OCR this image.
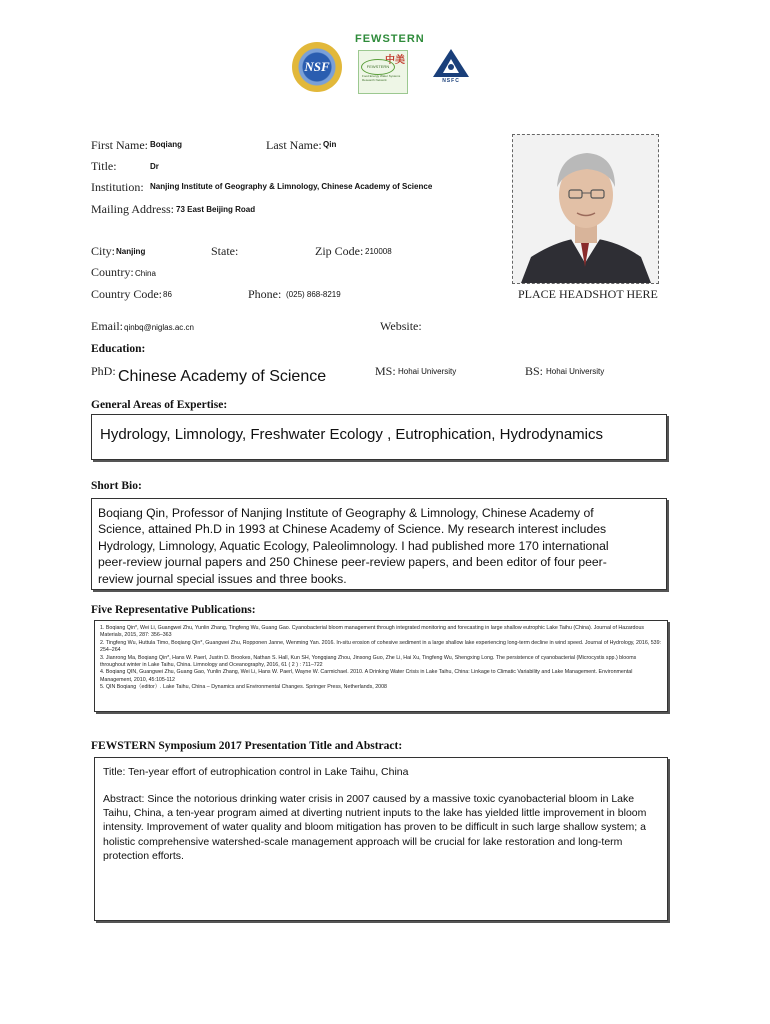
NSF
FEWSTERN
中美
FEWSTERN
Food Energy Water Systems Research Network	NSFC
First Name: Boqiang	Last Name: Qin
Title:	Dr
Institution: Nanjing Institute of Geography & Limnology, Chinese Academy of Science
Mailing Address: 73 East Beijing Road
City: Nanjing	State:	Zip Code: 210008
Country: China
Country Code: 86	Phone: (025) 868-8219
Email: qinbq@niglas.ac.cn	Website:
PLACE HEADSHOT HERE
Education:
PhD: Chinese Academy of Science	MS: Hohai University	BS: Hohai University
General Areas of Expertise:
Hydrology, Limnology, Freshwater Ecology , Eutrophication, Hydrodynamics
Short Bio:
Boqiang Qin, Professor of Nanjing Institute of Geography & Limnology, Chinese Academy of Science, attained Ph.D in 1993 at Chinese Academy of Science. My research interest includes Hydrology, Limnology, Aquatic Ecology, Paleolimnology. I had published more 170 international peer-review journal papers and 250 Chinese peer-review papers, and been editor of four peer-review journal special issues and three books.
Five Representative Publications:
1. Boqiang Qin*, Wei Li, Guangwei Zhu, Yunlin Zhang, Tingfeng Wu, Guang Gao. Cyanobacterial bloom management through integrated monitoring and forecasting in large shallow eutrophic Lake Taihu (China). Journal of Hazardous Materials, 2015, 287: 356–363
2. Tingfeng Wu, Huttula Timo, Boqiang Qin*, Guangwei Zhu, Ropponen Janne, Wenming Yan. 2016. In-situ erosion of cohesive sediment in a large shallow lake experiencing long-term decline in wind speed. Journal of Hydrology, 2016, 539: 254–264
3. Jianrong Ma, Boqiang Qin*, Hans W. Paerl, Justin D. Brookes, Nathan S. Hall, Kun SH, Yongqiang Zhou, Jinsong Guo, Zhe Li, Hai Xu, Tingfeng Wu, Shengxing Long. The persistence of cyanobacterial (Microcystis spp.) blooms throughout winter in Lake Taihu, China. Limnology and Oceanography, 2016, 61 ( 2 ) : 711–722
4. Boqiang QIN, Guangwei Zhu, Guang Gao, Yunlin Zhang, Wei Li, Hans W. Paerl, Wayne W. Carmichael. 2010. A Drinking Water Crisis in Lake Taihu, China: Linkage to Climatic Variability and Lake Management. Environmental Management, 2010, 45:105-112
5. QIN Boqiang（editor）. Lake Taihu, China – Dynamics and Environmental Changes. Springer Press, Netherlands, 2008
FEWSTERN Symposium 2017 Presentation Title and Abstract:
Title: Ten-year effort of eutrophication control in Lake Taihu, China
Abstract: Since the notorious drinking water crisis in 2007 caused by a massive toxic cyanobacterial bloom in Lake Taihu, China, a ten-year program aimed at diverting nutrient inputs to the lake has yielded little improvement in bloom intensity. Improvement of water quality and bloom mitigation has proven to be difficult in such large shallow system; a holistic comprehensive watershed-scale management approach will be crucial for lake restoration and long-term protection efforts.
